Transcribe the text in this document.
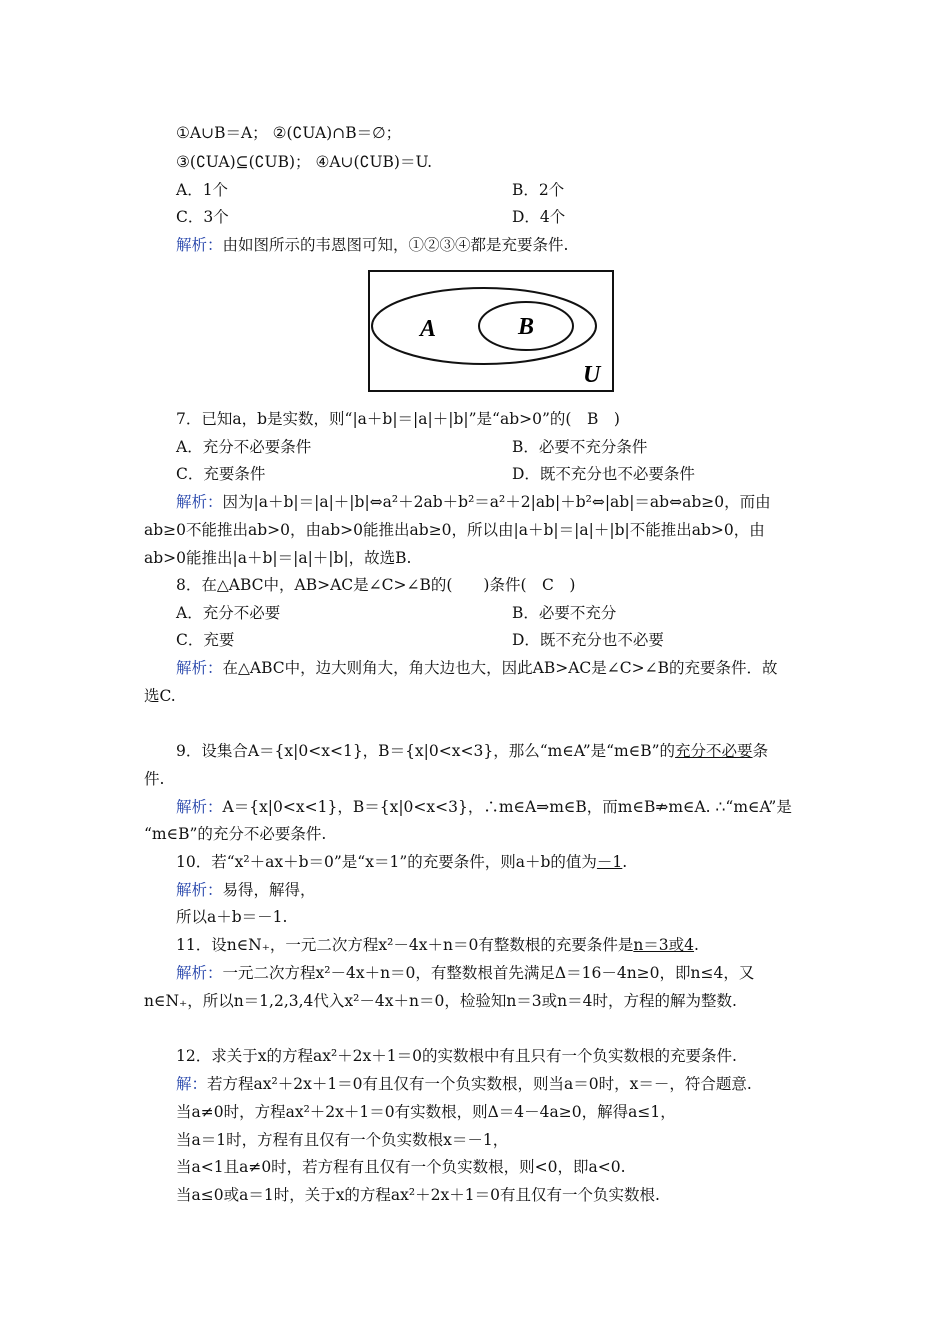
①A∪B＝A； ②(∁UA)∩B＝∅；
③(∁UA)⊆(∁UB)； ④A∪(∁UB)＝U.
A．1个	B．2个
C．3个	D．4个
解析：由如图所示的韦恩图可知，①②③④都是充要条件.
A	B
U
7．已知a，b是实数，则“|a＋b|＝|a|＋|b|”是“ab>0”的(　B　)
A．充分不必要条件	B．必要不充分条件
C．充要条件	D．既不充分也不必要条件
解析：因为|a＋b|＝|a|＋|b|⇔a²＋2ab＋b²＝a²＋2|ab|＋b²⇔|ab|＝ab⇔ab≥0，而由
ab≥0不能推出ab>0，由ab>0能推出ab≥0，所以由|a＋b|＝|a|＋|b|不能推出ab>0，由
ab>0能推出|a＋b|＝|a|＋|b|，故选B.
8．在△ABC中，AB>AC是∠C>∠B的(　　)条件(　C　)
A．充分不必要	B．必要不充分
C．充要	D．既不充分也不必要
解析：在△ABC中，边大则角大，角大边也大，因此AB>AC是∠C>∠B的充要条件．故
选C.
9．设集合A＝{x|0<x<1}，B＝{x|0<x<3}，那么“m∈A”是“m∈B”的充分不必要条
件.
解析：A＝{x|0<x<1}，B＝{x|0<x<3}，∴m∈A⇒m∈B，而m∈B⇏m∈A. ∴“m∈A”是
“m∈B”的充分不必要条件.
10．若“x²＋ax＋b＝0”是“x＝1”的充要条件，则a＋b的值为－1.
解析：易得，解得，
所以a＋b＝－1.
11．设n∈N₊，一元二次方程x²－4x＋n＝0有整数根的充要条件是n＝3或4.
解析：一元二次方程x²－4x＋n＝0，有整数根首先满足Δ＝16－4n≥0，即n≤4，又
n∈N₊，所以n＝1,2,3,4代入x²－4x＋n＝0，检验知n＝3或n＝4时，方程的解为整数.
12．求关于x的方程ax²＋2x＋1＝0的实数根中有且只有一个负实数根的充要条件.
解：若方程ax²＋2x＋1＝0有且仅有一个负实数根，则当a＝0时，x＝－，符合题意.
当a≠0时，方程ax²＋2x＋1＝0有实数根，则Δ＝4－4a≥0，解得a≤1，
当a＝1时，方程有且仅有一个负实数根x＝－1，
当a<1且a≠0时，若方程有且仅有一个负实数根，则<0，即a<0.
当a≤0或a＝1时，关于x的方程ax²＋2x＋1＝0有且仅有一个负实数根.
